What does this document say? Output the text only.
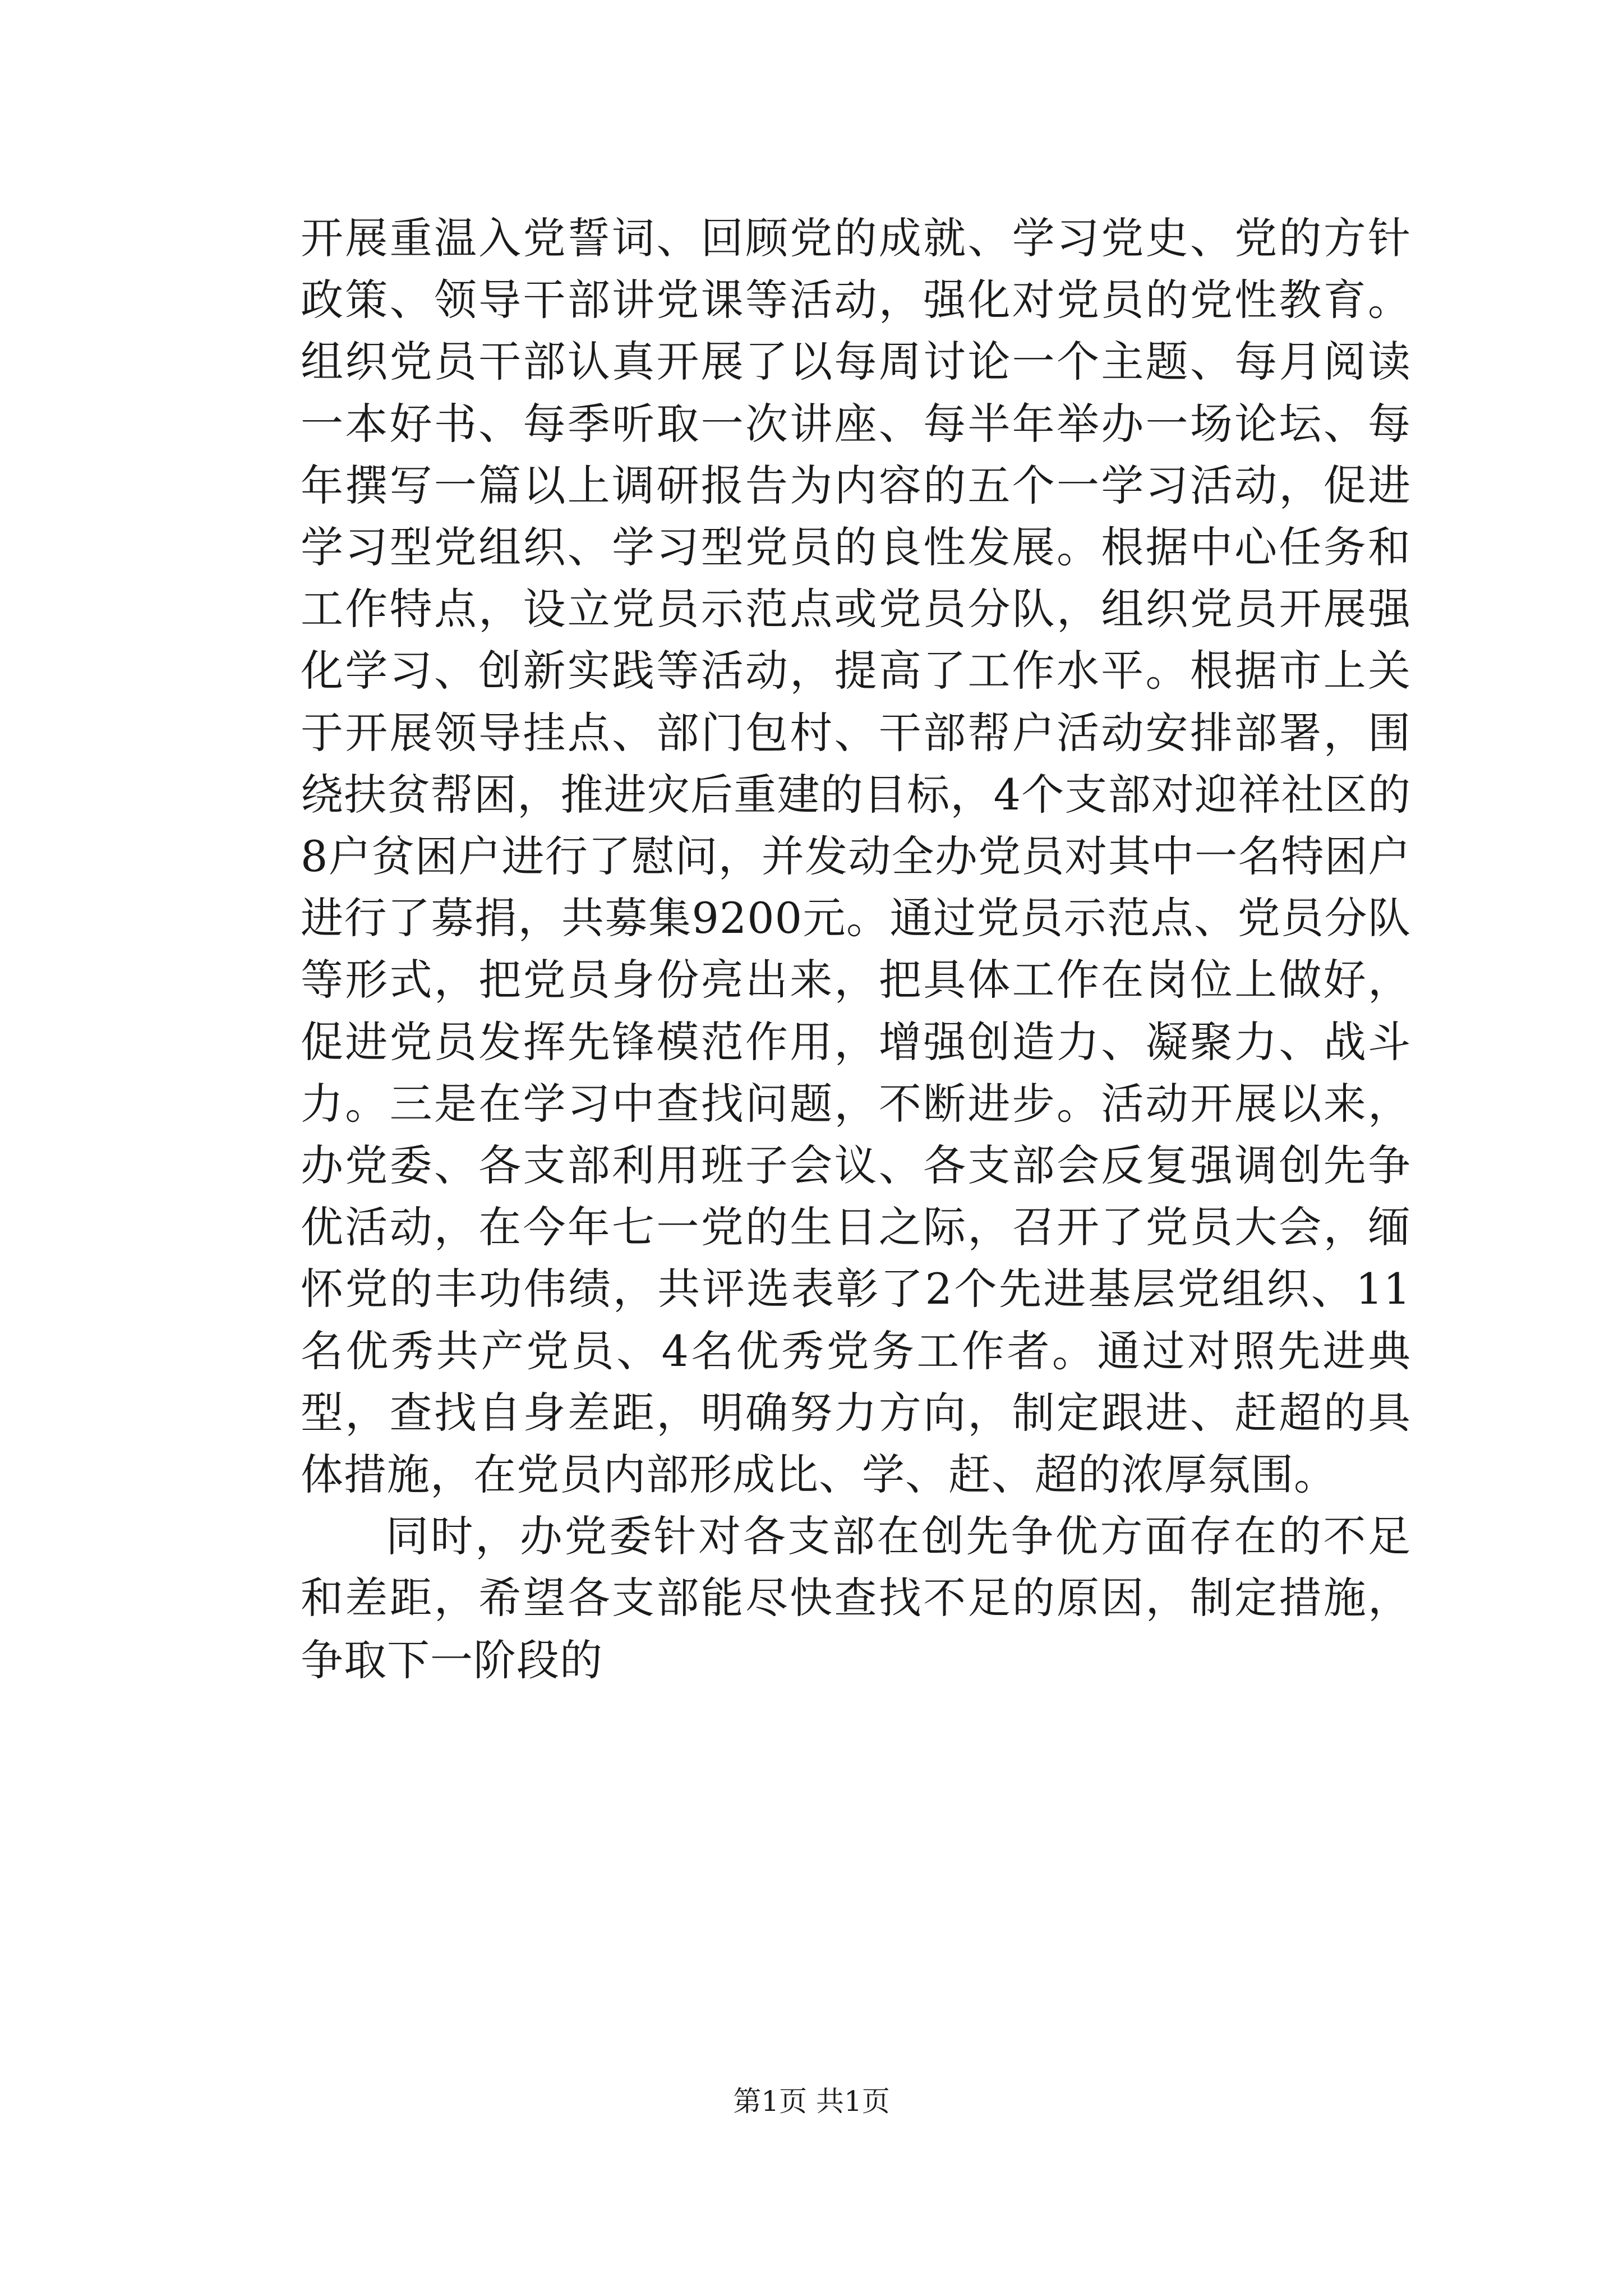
开展重温入党誓词、回顾党的成就、学习党史、党的方针政策、领导干部讲党课等活动，强化对党员的党性教育。组织党员干部认真开展了以每周讨论一个主题、每月阅读一本好书、每季听取一次讲座、每半年举办一场论坛、每年撰写一篇以上调研报告为内容的五个一学习活动，促进学习型党组织、学习型党员的良性发展。根据中心任务和工作特点，设立党员示范点或党员分队，组织党员开展强化学习、创新实践等活动，提高了工作水平。根据市上关于开展领导挂点、部门包村、干部帮户活动安排部署，围绕扶贫帮困，推进灾后重建的目标，4个支部对迎祥社区的8户贫困户进行了慰问，并发动全办党员对其中一名特困户进行了募捐，共募集9200元。通过党员示范点、党员分队等形式，把党员身份亮出来，把具体工作在岗位上做好，促进党员发挥先锋模范作用，增强创造力、凝聚力、战斗力。三是在学习中查找问题，不断进步。活动开展以来，办党委、各支部利用班子会议、各支部会反复强调创先争优活动，在今年七一党的生日之际，召开了党员大会，缅怀党的丰功伟绩，共评选表彰了2个先进基层党组织、11名优秀共产党员、4名优秀党务工作者。通过对照先进典型，查找自身差距，明确努力方向，制定跟进、赶超的具体措施，在党员内部形成比、学、赶、超的浓厚氛围。

同时，办党委针对各支部在创先争优方面存在的不足和差距，希望各支部能尽快查找不足的原因，制定措施，争取下一阶段的

第1页 共1页
